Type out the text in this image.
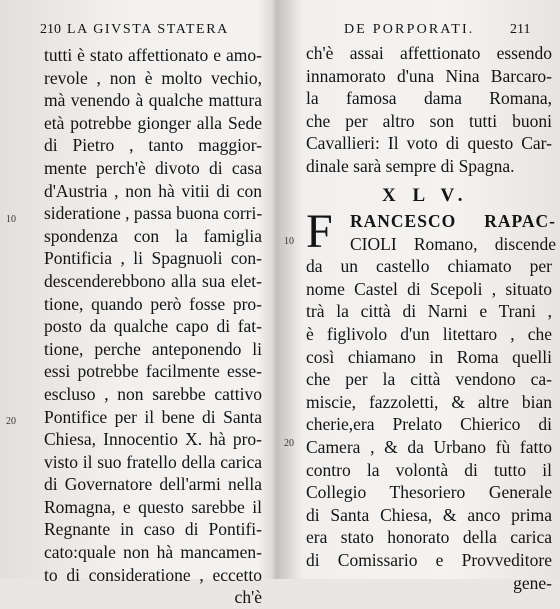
210 LA GIVSTA STATERA
10
20
tutti è stato affettionato e amo-
revole , non è molto vechio,
mà venendo à qualche mattura
età potrebbe gionger alla Sede
di Pietro , tanto maggior-
mente perch'è divoto di casa
d'Austria , non hà vitii di con
sideratione , passa buona corri-
spondenza con la famiglia
Pontificia , li Spagnuoli con-
descenderebbono alla sua elet-
tione, quando però fosse pro-
posto da qualche capo di fat-
tione, perche anteponendo li
essi potrebbe facilmente esse-
escluso , non sarebbe cattivo
Pontifice per il bene di Santa
Chiesa, Innocentio X. hà pro-
visto il suo fratello della carica
di Governatore dell'armi nella
Romagna, e questo sarebbe il
Regnante in caso di Pontifi-
cato:quale non hà mancamen-
to di consideratione , eccetto
ch'è
DE PORPORATI.	211
10
20
ch'è assai affettionato essendo
innamorato d'una Nina Barcaro-
la famosa dama Romana,
che per altro son tutti buoni
Cavallieri: Il voto di questo Car-
dinale sarà sempre di Spagna.
X L V.
F RANCESCO RAPAC-
CIOLI Romano, discende
da un castello chiamato per
nome Castel di Scepoli , situato
trà la città di Narni e Trani ,
è figlivolo d'un litettaro , che
così chiamano in Roma quelli
che per la città vendono ca-
miscie, fazzoletti, & altre bian
cherie,era Prelato Chierico di
Camera , & da Urbano fù fatto
contro la volontà di tutto il
Collegio Thesoriero Generale
di Santa Chiesa, & anco prima
era stato honorato della carica
di Comissario e Provveditore
gene-
